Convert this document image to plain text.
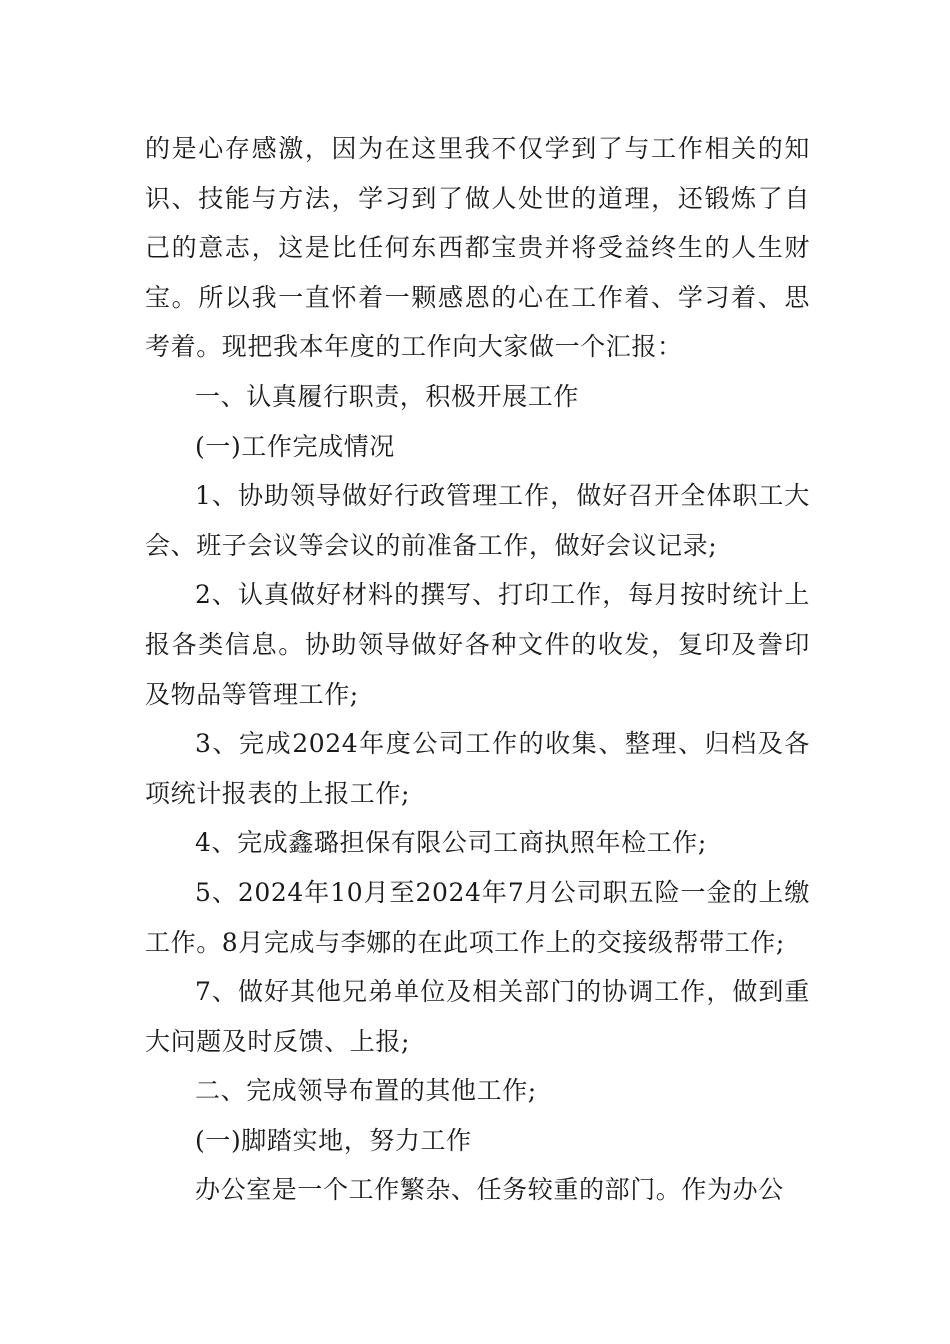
的是心存感激，因为在这里我不仅学到了与工作相关的知识、技能与方法，学习到了做人处世的道理，还锻炼了自己的意志，这是比任何东西都宝贵并将受益终生的人生财宝。所以我一直怀着一颗感恩的心在工作着、学习着、思考着。现把我本年度的工作向大家做一个汇报：

一、认真履行职责，积极开展工作

(一)工作完成情况

1、协助领导做好行政管理工作，做好召开全体职工大会、班子会议等会议的前准备工作，做好会议记录;

2、认真做好材料的撰写、打印工作，每月按时统计上报各类信息。协助领导做好各种文件的收发，复印及誊印及物品等管理工作;

3、完成2024年度公司工作的收集、整理、归档及各项统计报表的上报工作;

4、完成鑫璐担保有限公司工商执照年检工作;

5、2024年10月至2024年7月公司职五险一金的上缴工作。8月完成与李娜的在此项工作上的交接级帮带工作;

7、做好其他兄弟单位及相关部门的协调工作，做到重大问题及时反馈、上报;

二、完成领导布置的其他工作;

(一)脚踏实地，努力工作

办公室是一个工作繁杂、任务较重的部门。作为办公
